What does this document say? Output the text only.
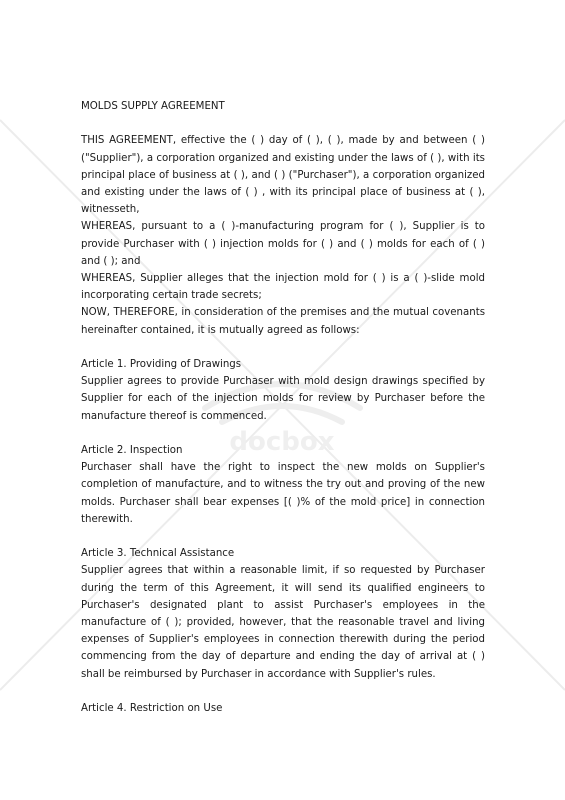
docbox

MOLDS SUPPLY AGREEMENT

THIS AGREEMENT, effective the ( ) day of ( ), ( ), made by and between ( ) ("Supplier"), a corporation organized and existing under the laws of ( ), with its principal place of business at ( ), and ( ) ("Purchaser"), a corporation organized and existing under the laws of ( ) , with its principal place of business at ( ), witnesseth,

WHEREAS, pursuant to a ( )-manufacturing program for ( ), Supplier is to provide Purchaser with ( ) injection molds for ( ) and ( ) molds for each of ( ) and ( ); and

WHEREAS, Supplier alleges that the injection mold for ( ) is a ( )-slide mold incorporating certain trade secrets;

NOW, THEREFORE, in consideration of the premises and the mutual covenants hereinafter contained, it is mutually agreed as follows:

Article 1. Providing of Drawings

Supplier agrees to provide Purchaser with mold design drawings specified by Supplier for each of the injection molds for review by Purchaser before the manufacture thereof is commenced.

Article 2. Inspection

Purchaser shall have the right to inspect the new molds on Supplier's completion of manufacture, and to witness the try out and proving of the new molds. Purchaser shall bear expenses [( )% of the mold price] in connection therewith.

Article 3. Technical Assistance

Supplier agrees that within a reasonable limit, if so requested by Purchaser during the term of this Agreement, it will send its qualified engineers to Purchaser's designated plant to assist Purchaser's employees in the manufacture of ( ); provided, however, that the reasonable travel and living expenses of Supplier's employees in connection therewith during the period commencing from the day of departure and ending the day of arrival at ( ) shall be reimbursed by Purchaser in accordance with Supplier's rules.

Article 4. Restriction on Use
